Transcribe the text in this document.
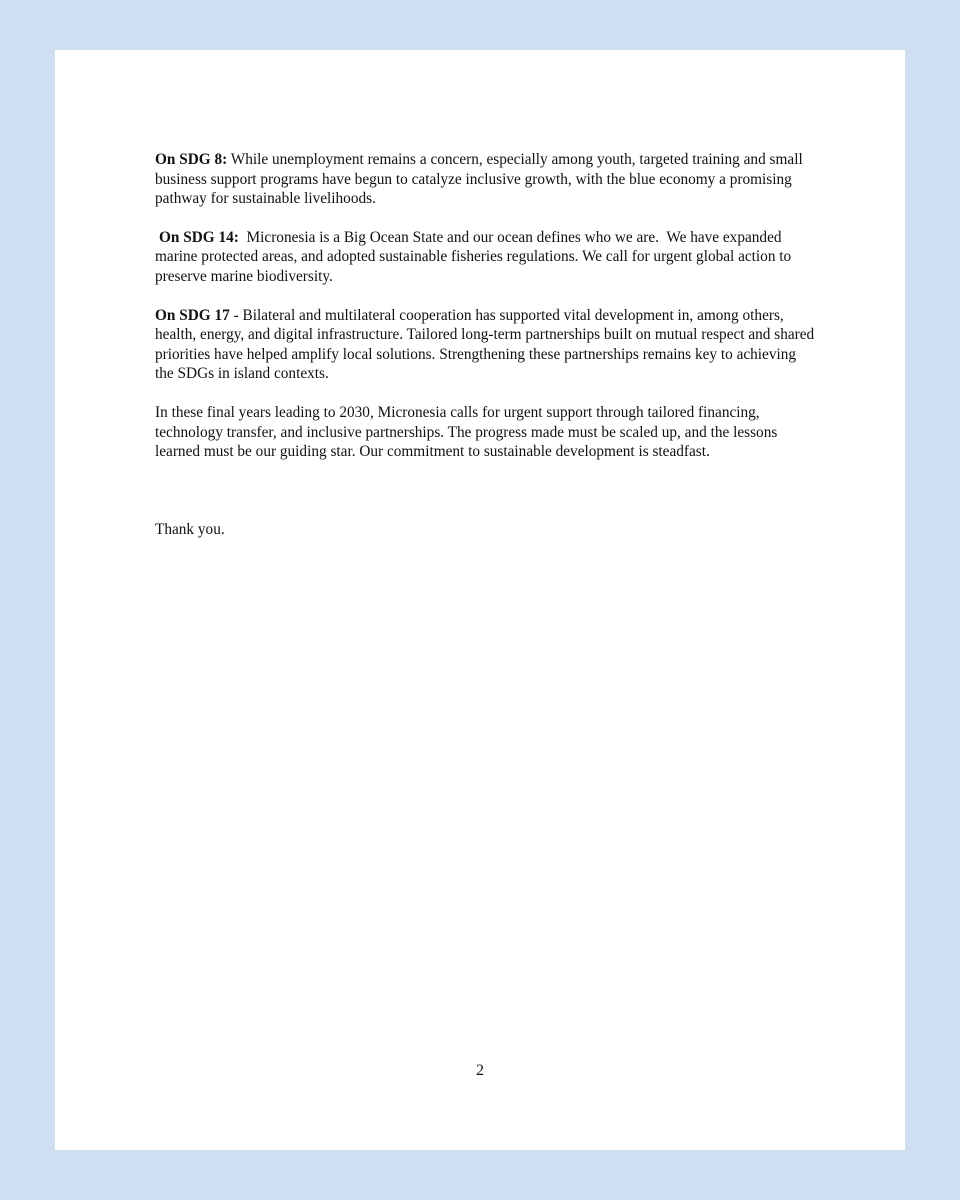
On SDG 8: While unemployment remains a concern, especially among youth, targeted training and small business support programs have begun to catalyze inclusive growth, with the blue economy a promising pathway for sustainable livelihoods.

On SDG 14:  Micronesia is a Big Ocean State and our ocean defines who we are.  We have expanded marine protected areas, and adopted sustainable fisheries regulations. We call for urgent global action to preserve marine biodiversity.

On SDG 17 - Bilateral and multilateral cooperation has supported vital development in, among others, health, energy, and digital infrastructure. Tailored long-term partnerships built on mutual respect and shared priorities have helped amplify local solutions. Strengthening these partnerships remains key to achieving the SDGs in island contexts.

In these final years leading to 2030, Micronesia calls for urgent support through tailored financing, technology transfer, and inclusive partnerships. The progress made must be scaled up, and the lessons learned must be our guiding star. Our commitment to sustainable development is steadfast.

Thank you.

2
